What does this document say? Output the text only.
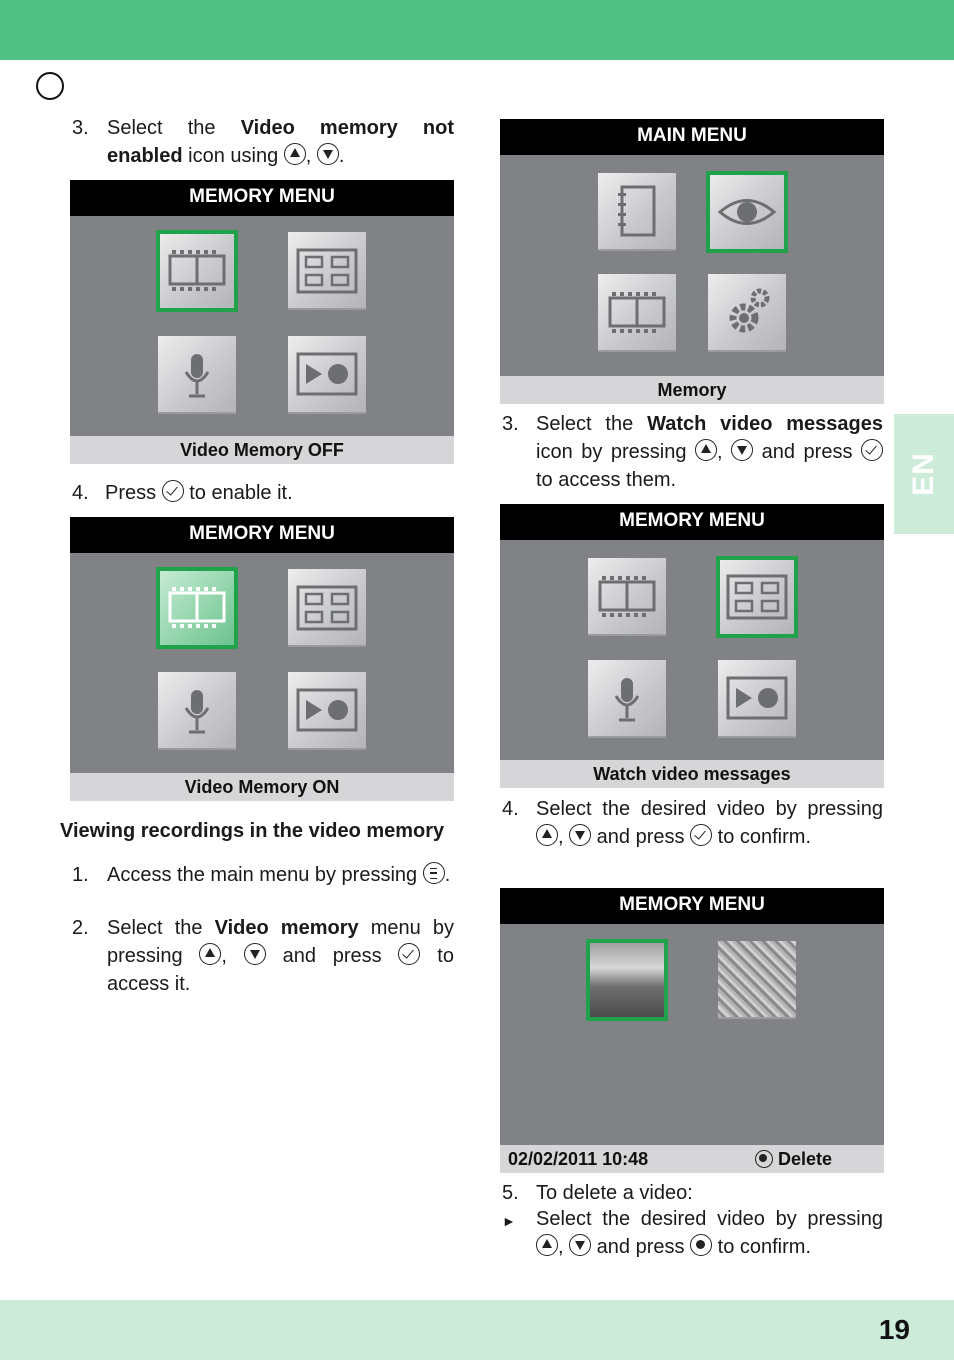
EN
3. Select the Video memory not enabled icon using , .
MEMORY MENU
Video Memory OFF
4. Press  to enable it.
MEMORY MENU
Video Memory ON
Viewing recordings in the video memory
1. Access the main menu by pressing .
2. Select the Video memory menu by pressing ,  and press  to access it.
MAIN MENU
Memory
3. Select the Watch video messages icon by pressing ,  and press  to access them.
MEMORY MENU
Watch video messages
4. Select the desired video by pressing ,  and press  to confirm.
MEMORY MENU
02/02/2011 10:48	Delete
5. To delete a video:
►	Select the desired video by pressing ,  and press  to confirm.
19
